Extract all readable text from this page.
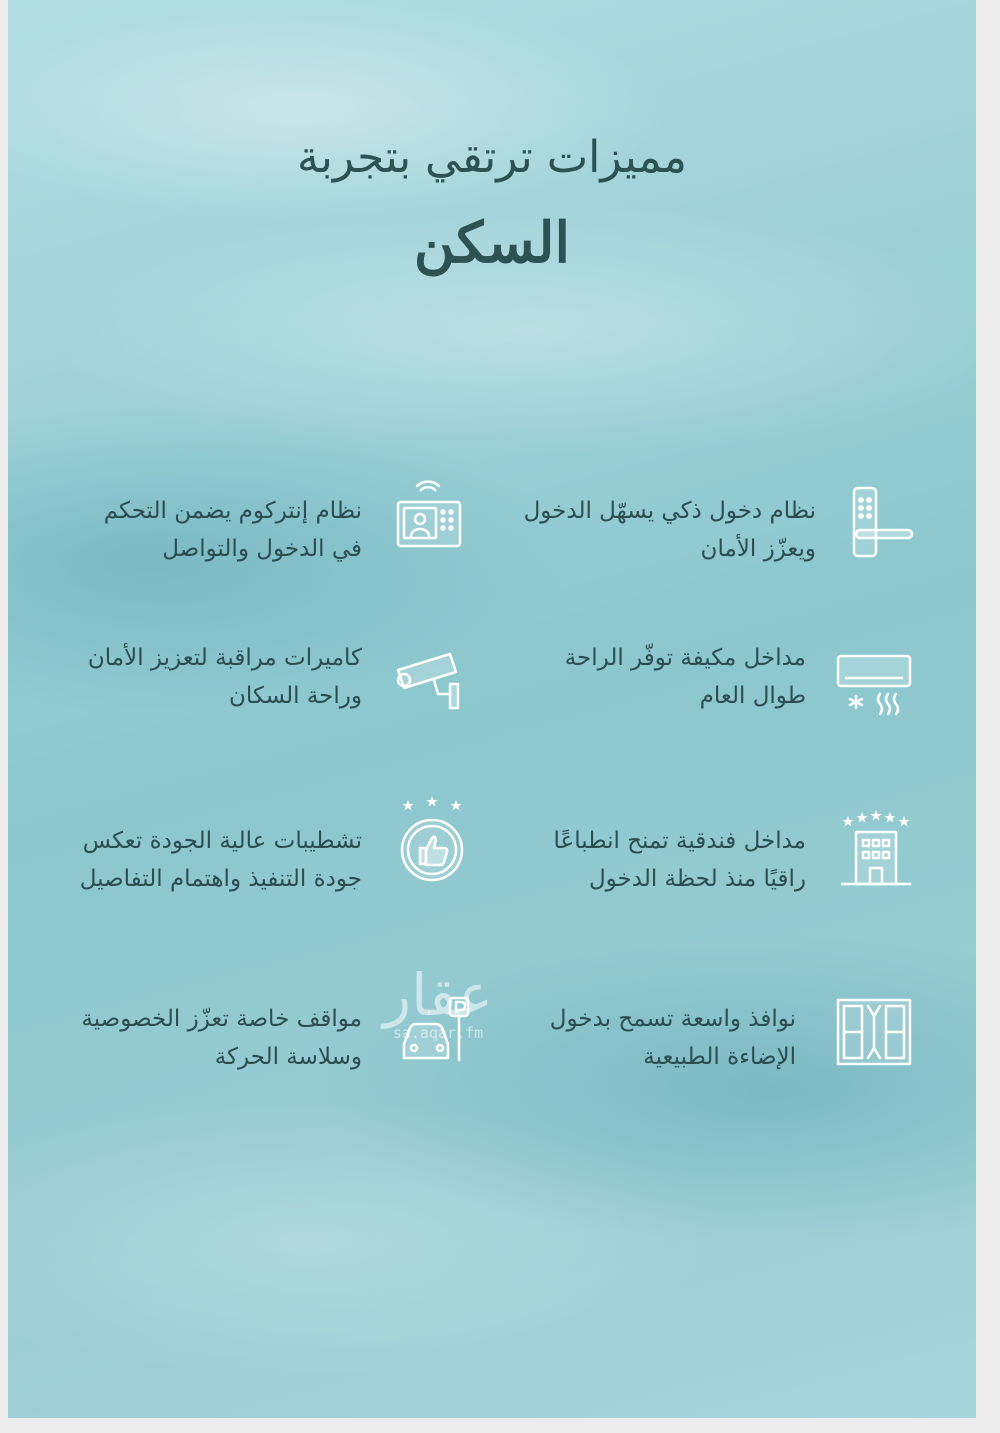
مميزات ترتقي بتجربة
السكن
نظام دخول ذكي يسهّل الدخول
ويعزّز الأمان
نظام إنتركوم يضمن التحكم
في الدخول والتواصل
مداخل مكيفة توفّر الراحة
طوال العام
كاميرات مراقبة لتعزيز الأمان
وراحة السكان
مداخل فندقية تمنح انطباعًا
راقيًا منذ لحظة الدخول
تشطيبات عالية الجودة تعكس
جودة التنفيذ واهتمام التفاصيل
نوافذ واسعة تسمح بدخول
الإضاءة الطبيعية
مواقف خاصة تعزّز الخصوصية
وسلاسة الحركة
عقار
sa.aqar.fm
